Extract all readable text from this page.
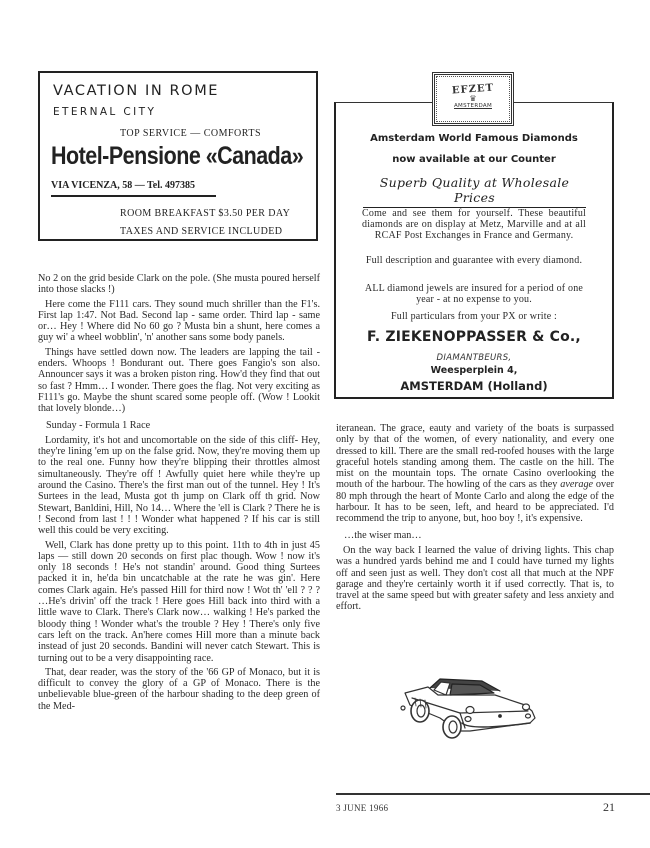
VACATION IN ROME
ETERNAL CITY
TOP SERVICE — COMFORTS
Hotel-Pensione «Canada»
VIA VICENZA, 58 — Tel. 497385
ROOM BREAKFAST $3.50 PER DAY
TAXES AND SERVICE INCLUDED
EFZET
♛
AMSTERDAM
Amsterdam World Famous Diamonds
now available at our Counter
Superb Quality at Wholesale Prices
Come and see them for yourself. These beautiful diamonds are on display at Metz, Marville and at all RCAF Post Exchanges in France and Germany.
Full description and guarantee with every diamond.
ALL diamond jewels are insured for a period of one year - at no expense to you.
Full particulars from your PX or write :
F. ZIEKENOPPASSER & Co.,
DIAMANTBEURS,
Weesperplein 4,
AMSTERDAM (Holland)

No 2 on the grid beside Clark on the pole. (She musta poured herself into those slacks !)

Here come the F111 cars. They sound much shriller than the F1's. First lap 1:47. Not Bad. Second lap - same order. Third lap - same or… Hey ! Where did No 60 go ? Musta bin a shunt, here comes a guy wi' a wheel wobblin', 'n' another sans some body panels.

Things have settled down now. The leaders are lapping the tail -enders. Whoops ! Bondurant out. There goes Fangio's son also. Announcer says it was a broken piston ring. How'd they find that out so fast ? Hmm… I wonder. There goes the flag. Not very exciting as F111's go. Maybe the shunt scared some people off. (Wow ! Lookit that lovely blonde…)

Sunday - Formula 1 Race

Lordamity, it's hot and uncomortable on the side of this cliff- Hey, they're lining 'em up on the false grid. Now, they're moving them up to the real one. Funny how they're blipping their throttles almost simultaneously. They're off ! Awfully quiet here while they're up around the Casino. There's the first man out of the tunnel. Hey ! It's Surtees in the lead, Musta got th jump on Clark off th grid. Now Stewart, Banldini, Hill, No 14… Where the 'ell is Clark ? There he is ! Second from last ! ! ! Wonder what happened ? If his car is still well this could be very exciting.

Well, Clark has done pretty up to this point. 11th to 4th in just 45 laps — still down 20 seconds on first plac though. Wow ! now it's only 18 seconds ! He's not standin' around. Good thing Surtees packed it in, he'da bin uncatchable at the rate he was gin'. Here comes Clark again. He's passed Hill for third now ! Wot th' 'ell ? ? ? …He's drivin' off the track ! Here goes Hill back into third with a little wave to Clark. There's Clark now… walking ! He's parked the bloody thing ! Wonder what's the trouble ? Hey ! There's only five cars left on the track. An'here comes Hill more than a minute back instead of just 20 seconds. Bandini will never catch Stewart. This is turning out to be a very disappointing race.

That, dear reader, was the story of the '66 GP of Monaco, but it is difficult to convey the glory of a GP of Monaco. There is the unbelievable blue-green of the harbour shading to the deep green of the Med-

iteranean. The grace, eauty and variety of the boats is surpassed only by that of the women, of every nationality, and every one dressed to kill. There are the small red-roofed houses with the large graceful hotels standing among them. The castle on the hill. The mist on the mountain tops. The ornate Casino overlooking the mouth of the harbour. The howling of the cars as they average over 80 mph through the heart of Monte Carlo and along the edge of the harbour. It has to be seen, left, and heard to be appreciated. I'd recommend the trip to anyone, but, hoo boy !, it's expensive.

…the wiser man…

On the way back I learned the value of driving lights. This chap was a hundred yards behind me and I could have turned my lights off and seen just as well. They don't cost all that much at the NPF garage and they're certainly worth it if used correctly. That is, to travel at the same speed but with greater safety and less anxiety and effort.

3 JUNE 1966	21
